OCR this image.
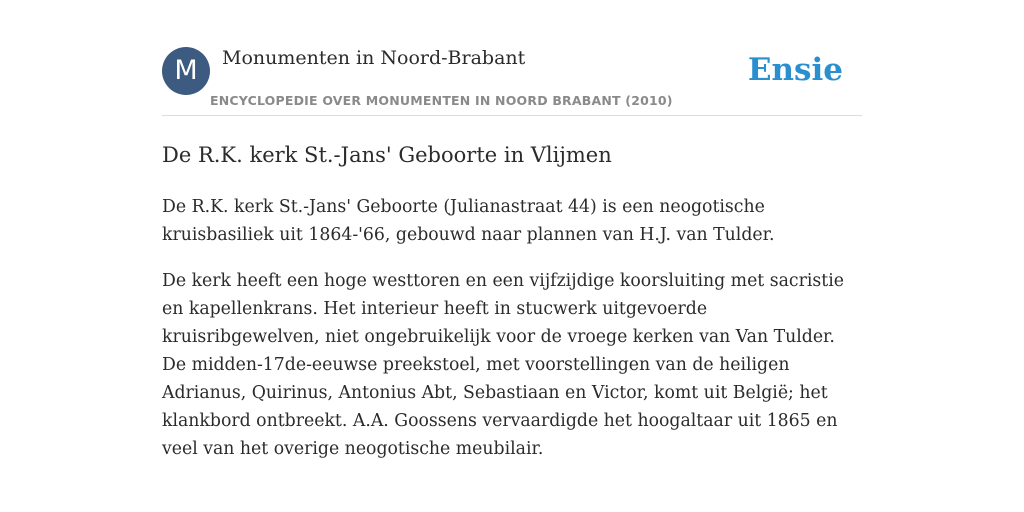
M	Monumenten in Noord-Brabant
ENCYCLOPEDIE OVER MONUMENTEN IN NOORD BRABANT (2010)
Ensie
De R.K. kerk St.-Jans' Geboorte in Vlijmen

De R.K. kerk St.-Jans' Geboorte (Julianastraat 44) is een neogotische kruisbasiliek uit 1864-'66, gebouwd naar plannen van H.J. van Tulder.

De kerk heeft een hoge westtoren en een vijfzijdige koorsluiting met sacristie en kapellenkrans. Het interieur heeft in stucwerk uitgevoerde kruisribgewelven, niet ongebruikelijk voor de vroege kerken van Van Tulder. De midden-17de-eeuwse preekstoel, met voorstellingen van de heiligen Adrianus, Quirinus, Antonius Abt, Sebastiaan en Victor, komt uit België; het klankbord ontbreekt. A.A. Goossens vervaardigde het hoogaltaar uit 1865 en veel van het overige neogotische meubilair.
